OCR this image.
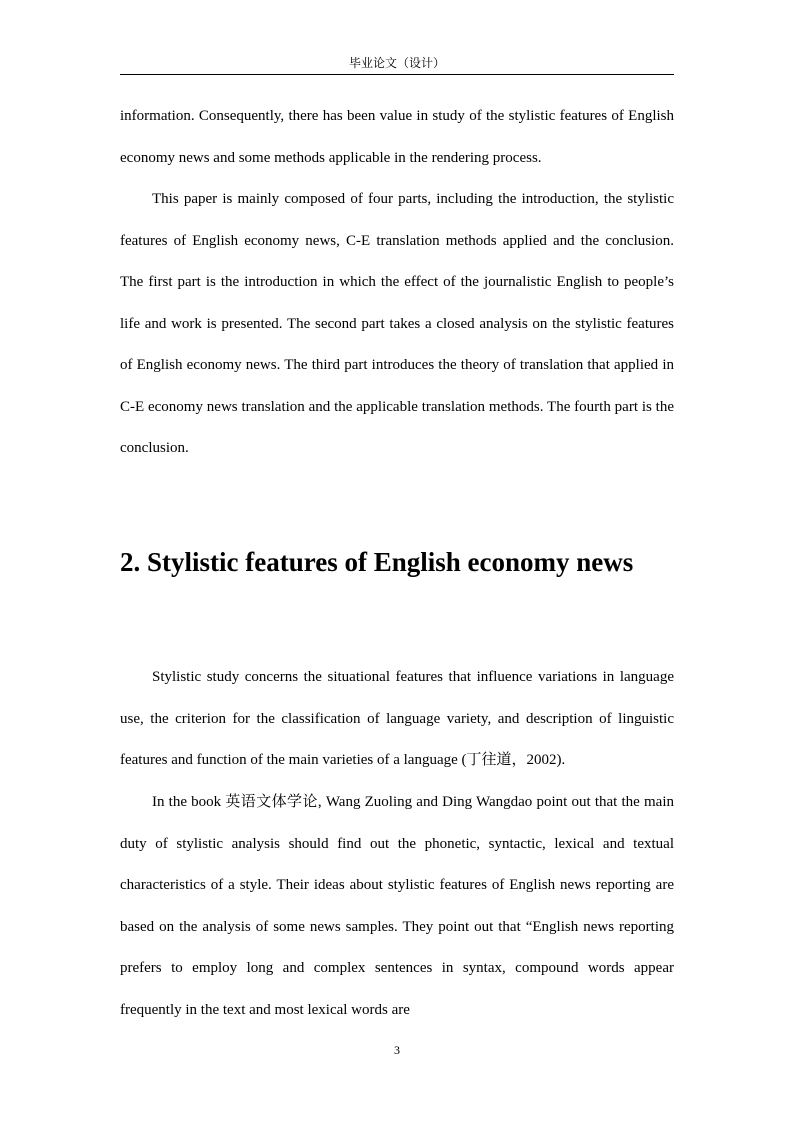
毕业论文（设计）

information. Consequently, there has been value in study of the stylistic features of English economy news and some methods applicable in the rendering process.

This paper is mainly composed of four parts, including the introduction, the stylistic features of English economy news, C-E translation methods applied and the conclusion. The first part is the introduction in which the effect of the journalistic English to people’s life and work is presented. The second part takes a closed analysis on the stylistic features of English economy news. The third part introduces the theory of translation that applied in C-E economy news translation and the applicable translation methods. The fourth part is the conclusion.

2. Stylistic features of English economy news

Stylistic study concerns the situational features that influence variations in language use, the criterion for the classification of language variety, and description of linguistic features and function of the main varieties of a language (丁往道，2002).

In the book 英语文体学论, Wang Zuoling and Ding Wangdao point out that the main duty of stylistic analysis should find out the phonetic, syntactic, lexical and textual characteristics of a style. Their ideas about stylistic features of English news reporting are based on the analysis of some news samples. They point out that “English news reporting prefers to employ long and complex sentences in syntax, compound words appear frequently in the text and most lexical words are

3
